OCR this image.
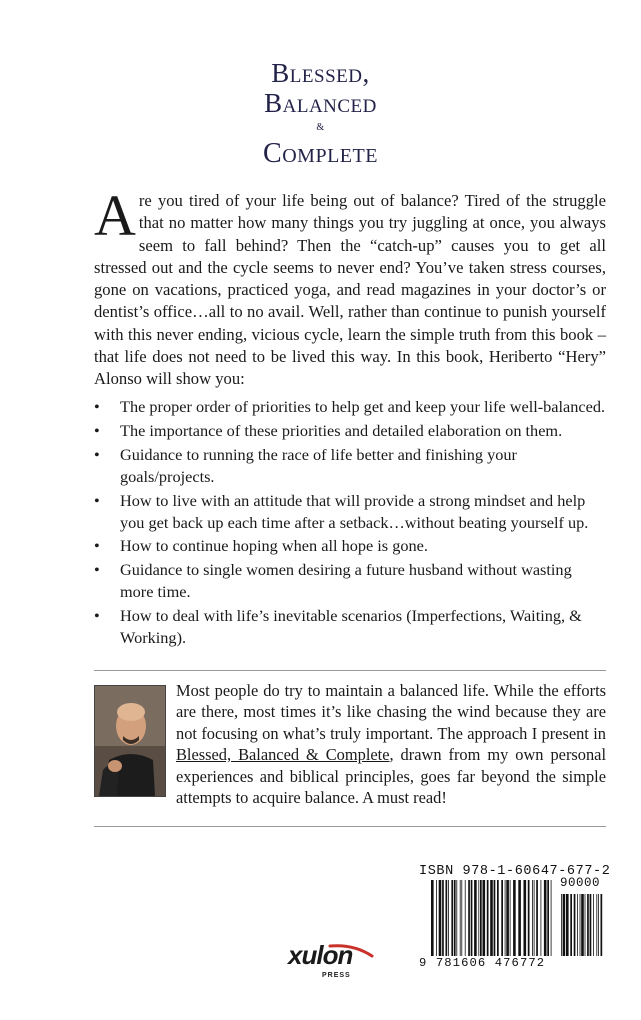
Blessed,
Balanced
&
Complete

Are you tired of your life being out of balance? Tired of the struggle that no matter how many things you try juggling at once, you always seem to fall behind? Then the “catch-up” causes you to get all stressed out and the cycle seems to never end? You’ve taken stress courses, gone on vacations, practiced yoga, and read magazines in your doctor’s or dentist’s office…all to no avail. Well, rather than continue to punish yourself with this never ending, vicious cycle, learn the simple truth from this book – that life does not need to be lived this way. In this book, Heriberto “Hery” Alonso will show you:

• The proper order of priorities to help get and keep your life well-balanced.
• The importance of these priorities and detailed elaboration on them.
• Guidance to running the race of life better and finishing your goals/projects.
• How to live with an attitude that will provide a strong mindset and help you get back up each time after a setback…without beating yourself up.
• How to continue hoping when all hope is gone.
• Guidance to single women desiring a future husband without wasting more time.
• How to deal with life’s inevitable scenarios (Imperfections, Waiting, & Working).

Most people do try to maintain a balanced life. While the efforts are there, most times it’s like chasing the wind because they are not focusing on what’s truly important. The approach I present in Blessed, Balanced & Complete, drawn from my own personal experiences and biblical principles, goes far beyond the simple attempts to acquire balance. A must read!

ISBN 978-1-60647-677-2
90000
9 781606 476772
xulon
PRESS
